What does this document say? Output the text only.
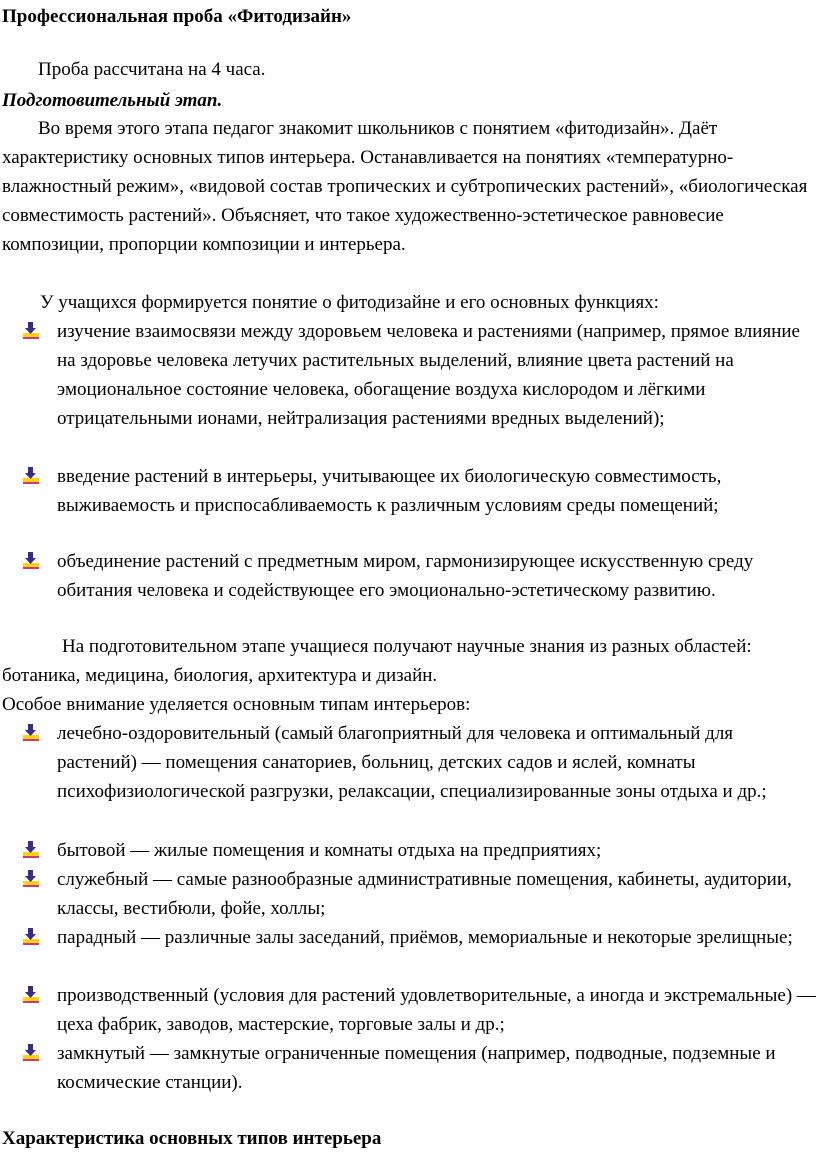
Профессиональная проба «Фитодизайн»

Проба рассчитана на 4 часа.

Подготовительный этап.

Во время этого этапа педагог знакомит школьников с понятием «фитодизайн». Даёт характеристику основных типов интерьера. Останавливается на понятиях «температурно-влажностный режим», «видовой состав тропических и субтропических растений», «биологическая совместимость растений». Объясняет, что такое художественно-эстетическое равновесие композиции, пропорции композиции и интерьера.

У учащихся формируется понятие о фитодизайне и его основных функциях:

изучение взаимосвязи между здоровьем человека и растениями (например, прямое влияние на здоровье человека летучих растительных выделений, влияние цвета растений на эмоциональное состояние человека, обогащение воздуха кислородом и лёгкими отрицательными ионами, нейтрализация растениями вредных выделений);

введение растений в интерьеры, учитывающее их биологическую совместимость, выживаемость и приспосабливаемость к различным условиям среды помещений;

объединение растений с предметным миром, гармонизирующее искусственную среду обитания человека и содействующее его эмоционально-эстетическому развитию.

На подготовительном этапе учащиеся получают научные знания из разных областей: ботаника, медицина, биология, архитектура и дизайн.

Особое внимание уделяется основным типам интерьеров:

лечебно-оздоровительный (самый благоприятный для человека и оптимальный для растений) — помещения санаториев, больниц, детских садов и яслей, комнаты психофизиологической разгрузки, релаксации, специализированные зоны отдыха и др.;

бытовой — жилые помещения и комнаты отдыха на предприятиях;

служебный — самые разнообразные административные помещения, кабинеты, аудитории, классы, вестибюли, фойе, холлы;

парадный — различные залы заседаний, приёмов, мемориальные и некоторые зрелищные;

производственный (условия для растений удовлетворительные, а иногда и экстремальные) — цеха фабрик, заводов, мастерские, торговые залы и др.;

замкнутый — замкнутые ограниченные помещения (например, подводные, подземные и космические станции).

Характеристика основных типов интерьера
